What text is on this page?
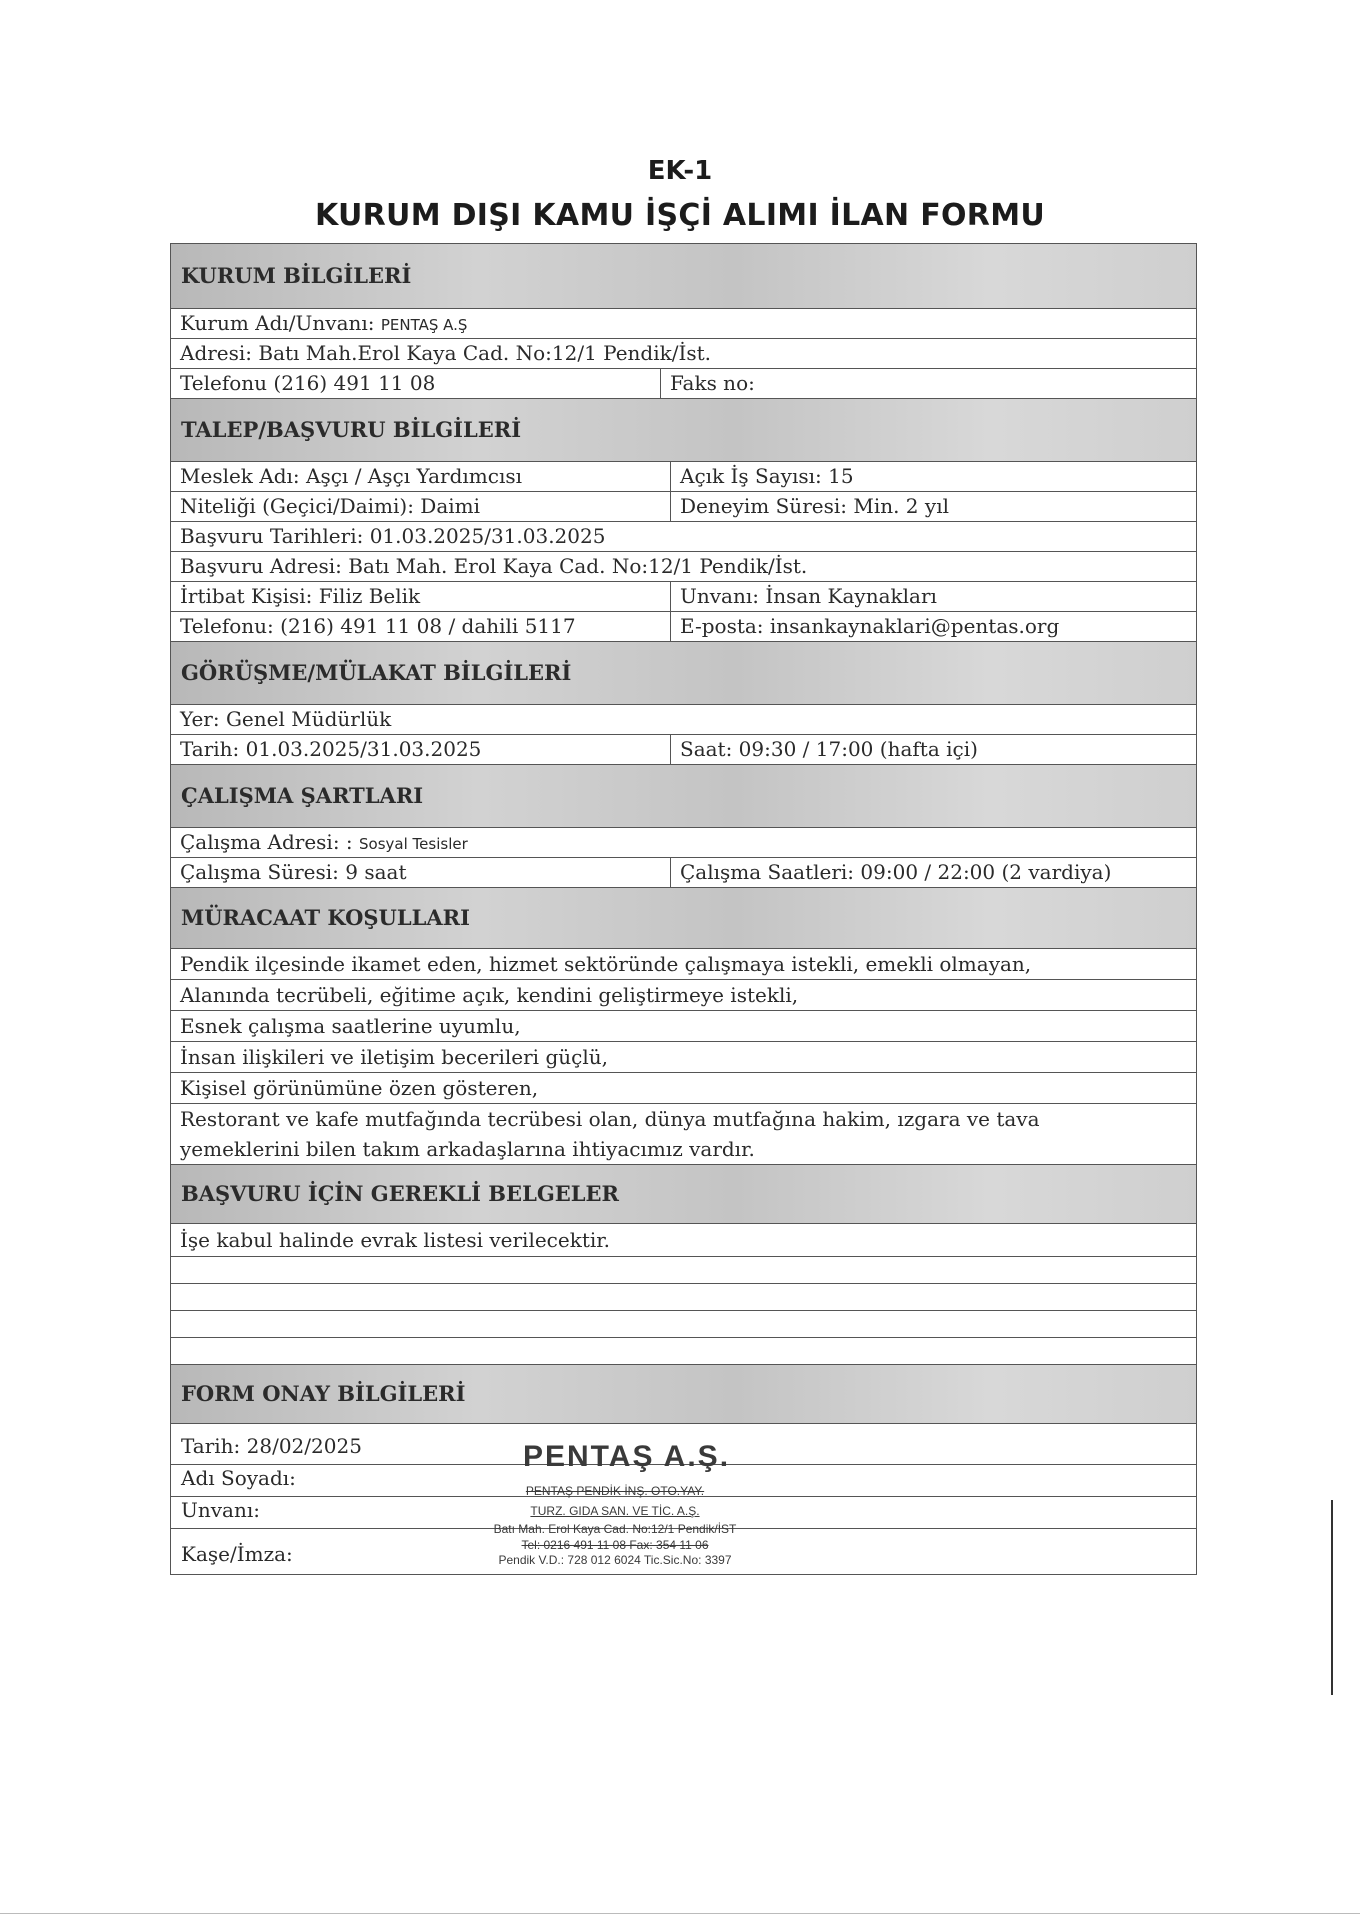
EK-1
KURUM DIŞI KAMU İŞÇİ ALIMI İLAN FORMU
KURUM BİLGİLERİ
Kurum Adı/Unvanı: PENTAŞ A.Ş
Adresi: Batı Mah.Erol Kaya Cad. No:12/1 Pendik/İst.
Telefonu (216) 491 11 08	Faks no:
TALEP/BAŞVURU BİLGİLERİ
Meslek Adı: Aşçı / Aşçı Yardımcısı	Açık İş Sayısı: 15
Niteliği (Geçici/Daimi): Daimi	Deneyim Süresi: Min. 2 yıl
Başvuru Tarihleri: 01.03.2025/31.03.2025
Başvuru Adresi: Batı Mah. Erol Kaya Cad. No:12/1 Pendik/İst.
İrtibat Kişisi: Filiz Belik	Unvanı: İnsan Kaynakları
Telefonu: (216) 491 11 08 / dahili 5117	E-posta: insankaynaklari@pentas.org
GÖRÜŞME/MÜLAKAT BİLGİLERİ
Yer: Genel Müdürlük
Tarih: 01.03.2025/31.03.2025	Saat: 09:30 / 17:00 (hafta içi)
ÇALIŞMA ŞARTLARI
Çalışma Adresi: : Sosyal Tesisler
Çalışma Süresi: 9 saat	Çalışma Saatleri: 09:00 / 22:00 (2 vardiya)
MÜRACAAT KOŞULLARI
Pendik ilçesinde ikamet eden, hizmet sektöründe çalışmaya istekli, emekli olmayan,
Alanında tecrübeli, eğitime açık, kendini geliştirmeye istekli,
Esnek çalışma saatlerine uyumlu,
İnsan ilişkileri ve iletişim becerileri güçlü,
Kişisel görünümüne özen gösteren,
Restorant ve kafe mutfağında tecrübesi olan, dünya mutfağına hakim, ızgara ve tava
yemeklerini bilen takım arkadaşlarına ihtiyacımız vardır.
BAŞVURU İÇİN GEREKLİ BELGELER
İşe kabul halinde evrak listesi verilecektir.
FORM ONAY BİLGİLERİ
Tarih: 28/02/2025
Adı Soyadı:
Unvanı:
Kaşe/İmza:
PENTAŞ A.Ş.
PENTAŞ PENDİK İNŞ. OTO.YAY.
TURZ. GIDA SAN. VE TİC. A.Ş.
Batı Mah. Erol Kaya Cad. No:12/1 Pendik/İST
Tel: 0216 491 11 08 Fax: 354 11 06
Pendik V.D.: 728 012 6024 Tic.Sic.No: 3397
